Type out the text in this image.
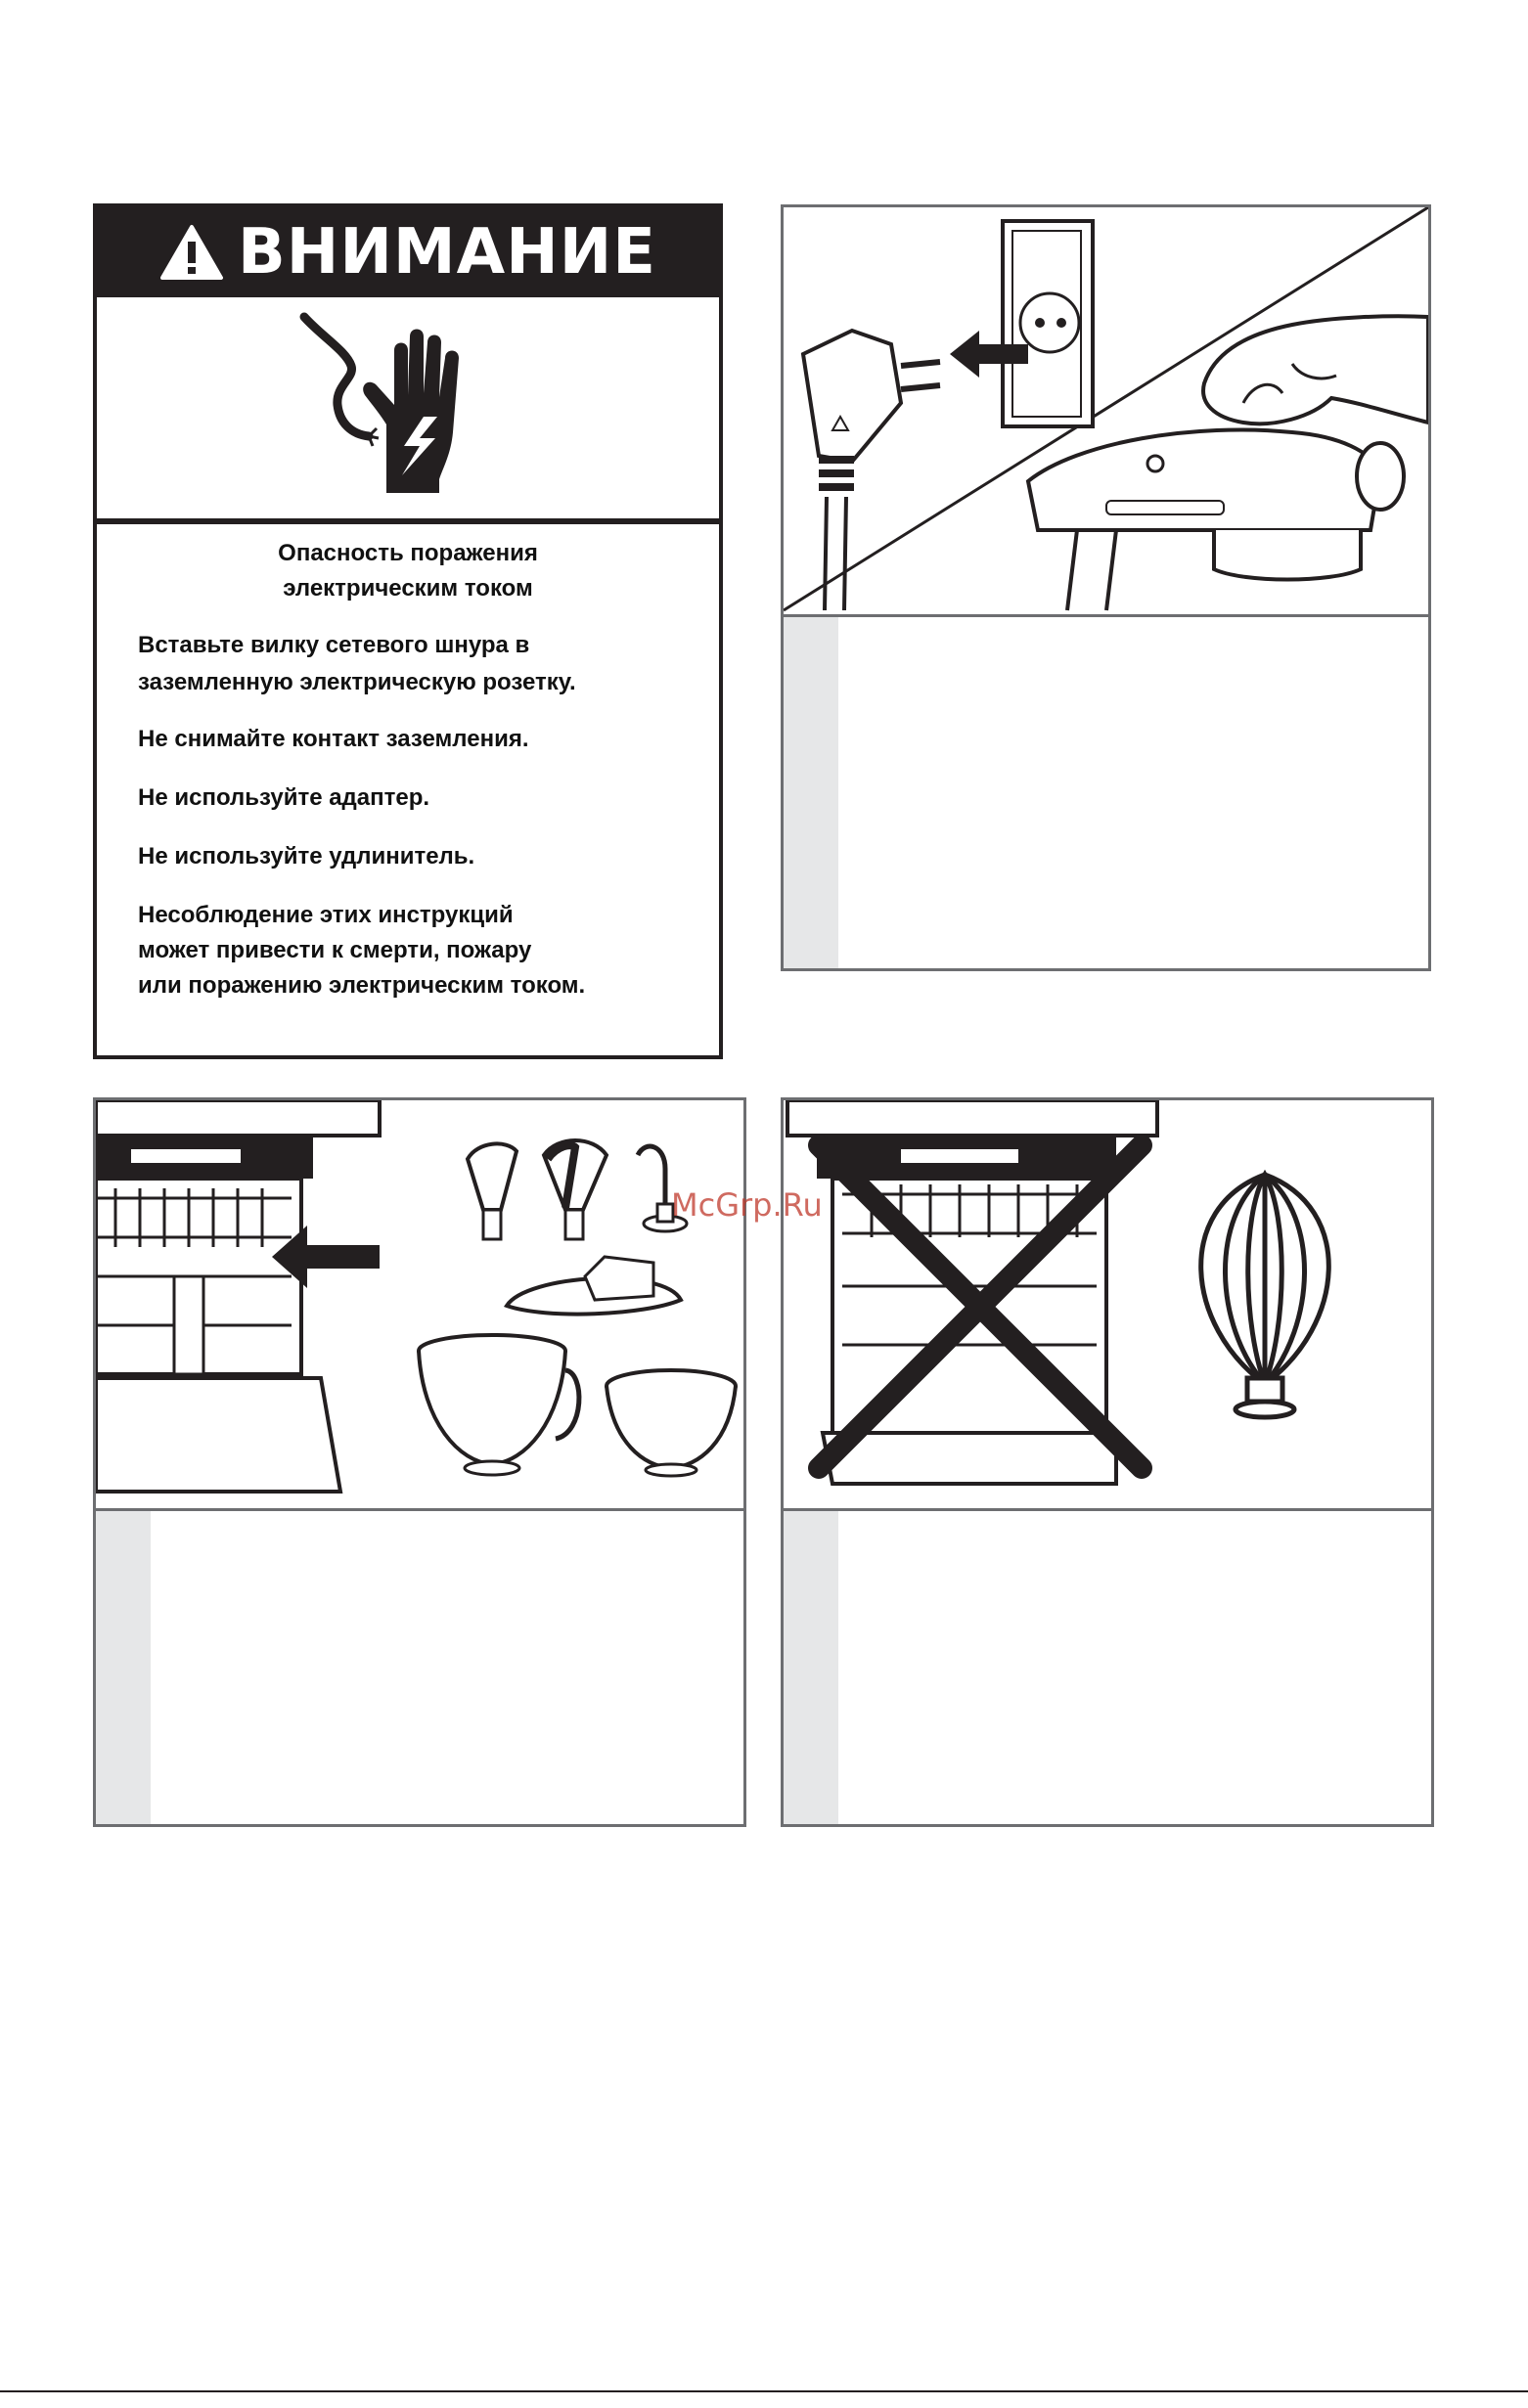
ВНИМАНИЕ
Опасность поражения
электрическим током
Вставьте вилку сетевого шнура в
заземленную электрическую розетку.
Не снимайте контакт заземления.
Не используйте адаптер.
Не используйте удлинитель.
Несоблюдение этих инструкций
может привести к смерти, пожару
или поражению электрическим током.
McGrp.Ru
